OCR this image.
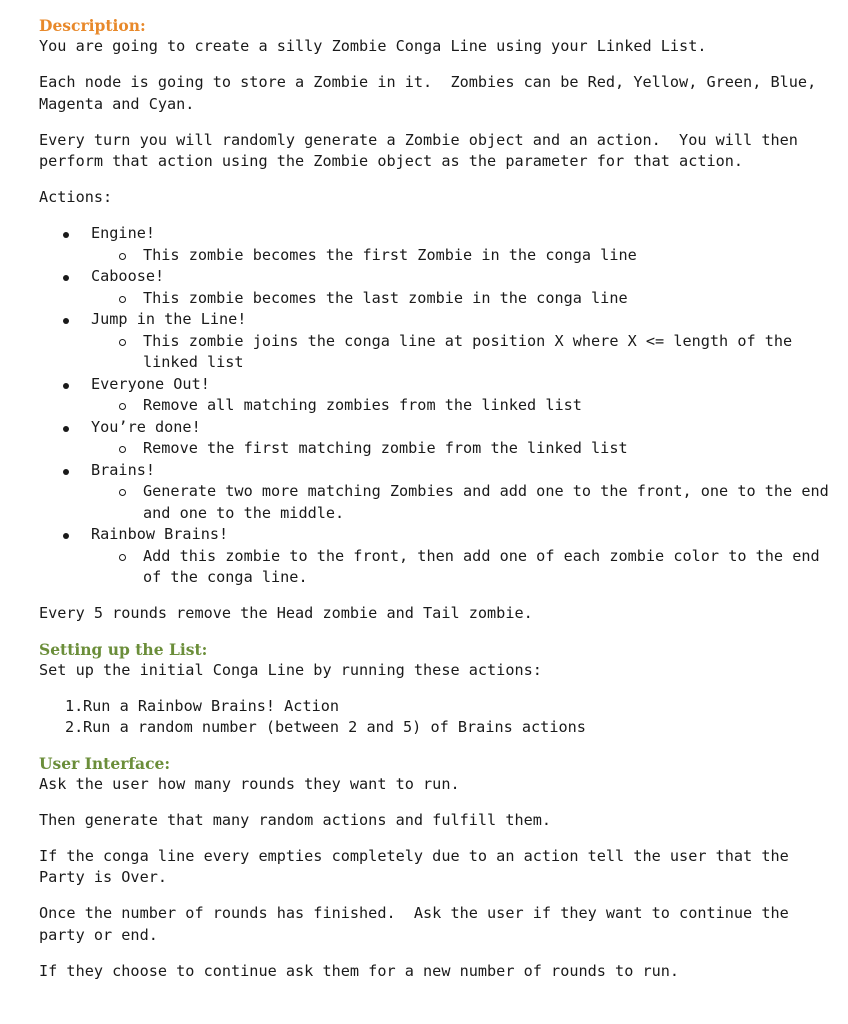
Description:

You are going to create a silly Zombie Conga Line using your Linked List.

Each node is going to store a Zombie in it.  Zombies can be Red, Yellow, Green, Blue, Magenta and Cyan.

Every turn you will randomly generate a Zombie object and an action.  You will then perform that action using the Zombie object as the parameter for that action.

Actions:
Engine!
This zombie becomes the first Zombie in the conga line
Caboose!
This zombie becomes the last zombie in the conga line
Jump in the Line!
This zombie joins the conga line at position X where X <= length of the linked list
Everyone Out!
Remove all matching zombies from the linked list
You’re done!
Remove the first matching zombie from the linked list
Brains!
Generate two more matching Zombies and add one to the front, one to the end and one to the middle.
Rainbow Brains!
Add this zombie to the front, then add one of each zombie color to the end of the conga line.

Every 5 rounds remove the Head zombie and Tail zombie.

Setting up the List:
Set up the initial Conga Line by running these actions:
1. Run a Rainbow Brains! Action
2. Run a random number (between 2 and 5) of Brains actions
User Interface:

Ask the user how many rounds they want to run.

Then generate that many random actions and fulfill them.

If the conga line every empties completely due to an action tell the user that the Party is Over.

Once the number of rounds has finished.  Ask the user if they want to continue the party or end.

If they choose to continue ask them for a new number of rounds to run.
